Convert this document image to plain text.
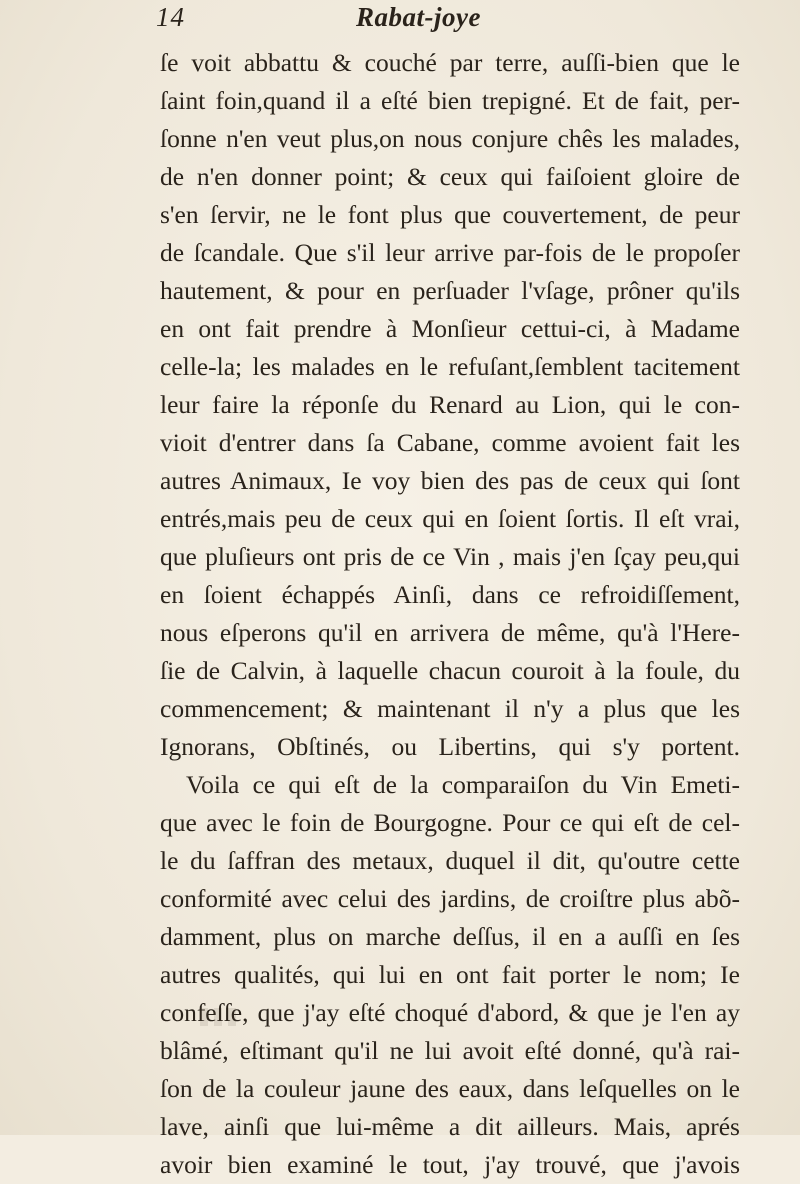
14	Rabat-joye
ſe voit abbattu & couché par terre, auſſi-bien que le
ſaint foin,quand il a eſté bien trepigné. Et de fait, per-
ſonne n'en veut plus,on nous conjure chês les malades,
de n'en donner point; & ceux qui faiſoient gloire de
s'en ſervir, ne le font plus que couvertement, de peur
de ſcandale. Que s'il leur arrive par-fois de le propoſer
hautement, & pour en perſuader l'vſage, prôner qu'ils
en ont fait prendre à Monſieur cettui-ci, à Madame
celle-la; les malades en le refuſant,ſemblent tacitement
leur faire la réponſe du Renard au Lion, qui le con-
vioit d'entrer dans ſa Cabane, comme avoient fait les
autres Animaux, Ie voy bien des pas de ceux qui ſont
entrés,mais peu de ceux qui en ſoient ſortis. Il eſt vrai,
que pluſieurs ont pris de ce Vin , mais j'en ſçay peu,qui
en ſoient échappés Ainſi, dans ce refroidiſſement,
nous eſperons qu'il en arrivera de même, qu'à l'Here-
ſie de Calvin, à laquelle chacun couroit à la foule, du
commencement; & maintenant il n'y a plus que les
Ignorans, Obſtinés, ou Libertins, qui s'y portent.
Voila ce qui eſt de la comparaiſon du Vin Emeti-
que avec le foin de Bourgogne. Pour ce qui eſt de cel-
le du ſaffran des metaux, duquel il dit, qu'outre cette
conformité avec celui des jardins, de croiſtre plus abõ-
damment, plus on marche deſſus, il en a auſſi en ſes
autres qualités, qui lui en ont fait porter le nom; Ie
confeſſe, que j'ay eſté choqué d'abord, & que je l'en ay
blâmé, eſtimant qu'il ne lui avoit eſté donné, qu'à rai-
ſon de la couleur jaune des eaux, dans leſquelles on le
lave, ainſi que lui-même a dit ailleurs. Mais, aprés
avoir bien examiné le tout, j'ay trouvé, que j'avois
